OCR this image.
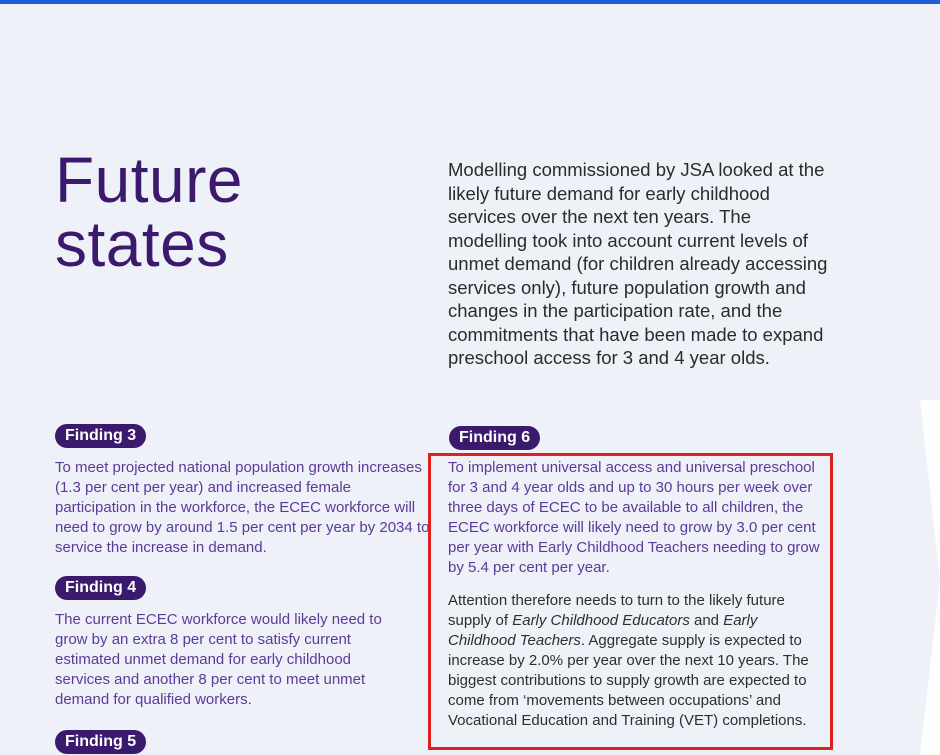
Future
states

Modelling commissioned by JSA looked at the likely future demand for early childhood services over the next ten years. The modelling took into account current levels of unmet demand (for children already accessing services only), future population growth and changes in the participation rate, and the commitments that have been made to expand preschool access for 3 and 4 year olds.

Finding 3

To meet projected national population growth increases (1.3 per cent per year) and increased female participation in the workforce, the ECEC workforce will need to grow by around 1.5 per cent per year by 2034 to service the increase in demand.

Finding 4

The current ECEC workforce would likely need to grow by an extra 8 per cent to satisfy current estimated unmet demand for early childhood services and another 8 per cent to meet unmet demand for qualified workers.

Finding 5
Finding 6

To implement universal access and universal preschool for 3 and 4 year olds and up to 30 hours per week over three days of ECEC to be available to all children, the ECEC workforce will likely need to grow by 3.0 per cent per year with Early Childhood Teachers needing to grow by 5.4 per cent per year.

Attention therefore needs to turn to the likely future supply of Early Childhood Educators and Early Childhood Teachers. Aggregate supply is expected to increase by 2.0% per year over the next 10 years. The biggest contributions to supply growth are expected to come from ‘movements between occupations’ and Vocational Education and Training (VET) completions.
